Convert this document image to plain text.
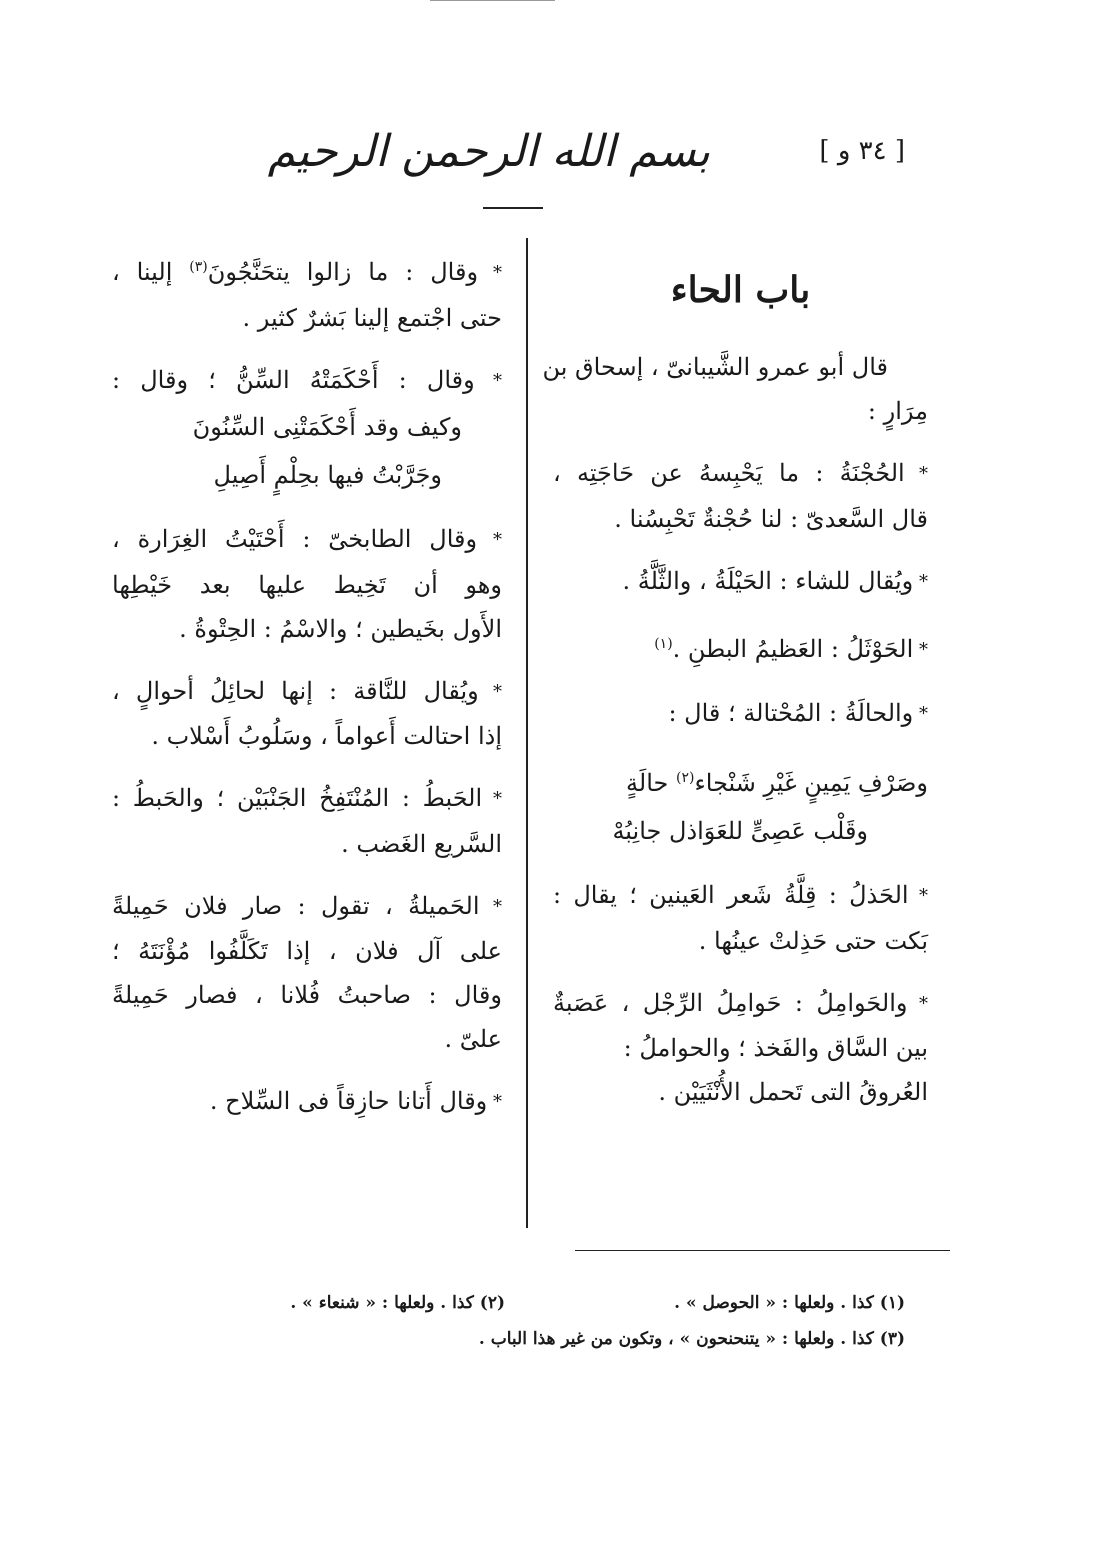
بسم الله الرحمن الرحيم	[ ٣٤ و ]
باب الحاء
قال أبو عمرو الشَّيبانىّ ، إسحاق بن
مِرَارٍ :
* الحُجْنَةُ : ما يَحْبِسهُ عن حَاجَتِه ،
قال السَّعدىّ : لنا حُجْنةٌ تَحْبِسُنا .
* ويُقال للشاء : الحَيْلَةُ ، والثَّلَّةُ .
* الحَوْثَلُ : العَظيمُ البطنِ .$^{(١)}$
* والحالَةُ : المُحْتالة ؛ قال :
وصَرْفِ يَمِينٍ غَيْرِ شَنْجاء$^{(٢)}$ حالَةٍ
وقَلْب عَصِىٍّ للعَوَاذل جانِبُهْ
* الحَذلُ : قِلَّةُ شَعر العَينين ؛ يقال :
بَكت حتى حَذِلتْ عينُها .
* والحَوامِلُ : حَوامِلُ الرِّجْل ، عَصَبةٌ
بين السَّاق والفَخذ ؛ والحواملُ :
العُروقُ التى تَحمل الأُنْثَيَيْن .
* وقال : ما زالوا يتحَنَّجُونَ$^{(٣)}$ إلينا ،
حتى اجْتمع إلينا بَشرٌ كثير .
* وقال : أَحْكَمَتْهُ السِّنُّ ؛ وقال :
وكيف وقد أَحْكَمَتْنِى السِّنُونَ
وجَرَّبْتُ فيها بحِلْمٍ أَصِيلِ
* وقال الطابخىّ : أَحْتَيْتُ الغِرَارة ،
وهو أن تَخِيط عليها بعد خَيْطِها
الأَول بخَيطين ؛ والاسْمُ : الحِتْوةُ .
* ويُقال للنَّاقة : إنها لحائِلُ أحوالٍ ،
إذا احتالت أَعواماً ، وسَلُوبُ أَسْلاب .
* الحَبطُ : المُنْتَفِخُ الجَنْبَيْن ؛ والحَبطُ :
السَّريع الغَضب .
* الحَميلةُ ، تقول : صار فلان حَمِيلةً
على آل فلان ، إذا تَكَلَّفُوا مُؤْنَتَهُ ؛
وقال : صاحبتُ فُلانا ، فصار حَمِيلةً
علىّ .
* وقال أَتانا حازِقاً فى السِّلاح .
(١) كذا . ولعلها : « الحوصل » .(٢) كذا . ولعلها : « شنعاء » .
(٣) كذا . ولعلها : « يتنحنحون » ، وتكون من غير هذا الباب .
